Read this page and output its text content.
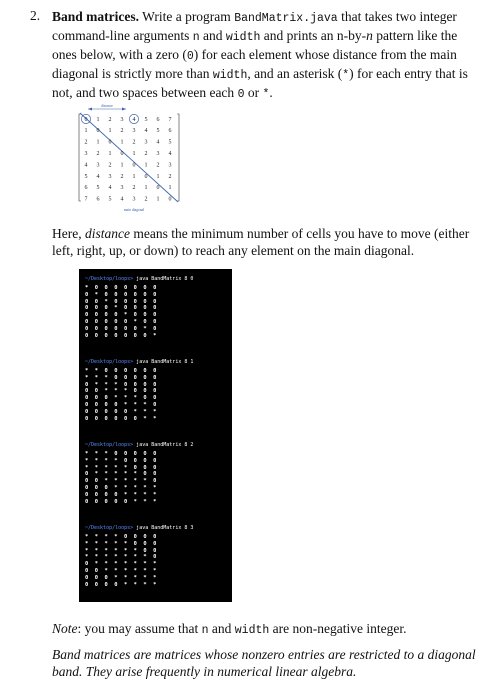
2. Band matrices. Write a program BandMatrix.java that takes two integer command-line arguments n and width and prints an n-by-n pattern like the ones below, with a zero (0) for each element whose distance from the main diagonal is strictly more than width, and an asterisk (*) for each entry that is not, and two spaces between each 0 or *.
distance
0 1 2 3 4 5 6 7
1 0 1 2 3 4 5 6
2 1 0 1 2 3 4 5
3 2 1 0 1 2 3 4
4 3 2 1 0 1 2 3
5 4 3 2 1 0 1 2
6 5 4 3 2 1 0 1
7 6 5 4 3 2 1 0
main diagonal
Here, distance means the minimum number of cells you have to move (either left, right, up, or down) to reach any element on the main diagonal.
~/Desktop/loops> java BandMatrix 8 0
*  0  0  0  0  0  0  0
0  *  0  0  0  0  0  0
0  0  *  0  0  0  0  0
0  0  0  *  0  0  0  0
0  0  0  0  *  0  0  0
0  0  0  0  0  *  0  0
0  0  0  0  0  0  *  0
0  0  0  0  0  0  0  *
~/Desktop/loops> java BandMatrix 8 1
*  *  0  0  0  0  0  0
*  *  *  0  0  0  0  0
0  *  *  *  0  0  0  0
0  0  *  *  *  0  0  0
0  0  0  *  *  *  0  0
0  0  0  0  *  *  *  0
0  0  0  0  0  *  *  *
0  0  0  0  0  0  *  *
~/Desktop/loops> java BandMatrix 8 2
*  *  *  0  0  0  0  0
*  *  *  *  0  0  0  0
*  *  *  *  *  0  0  0
0  *  *  *  *  *  0  0
0  0  *  *  *  *  *  0
0  0  0  *  *  *  *  *
0  0  0  0  *  *  *  *
0  0  0  0  0  *  *  *
~/Desktop/loops> java BandMatrix 8 3
*  *  *  *  0  0  0  0
*  *  *  *  *  0  0  0
*  *  *  *  *  *  0  0
*  *  *  *  *  *  *  0
0  *  *  *  *  *  *  *
0  0  *  *  *  *  *  *
0  0  0  *  *  *  *  *
0  0  0  0  *  *  *  *
Note: you may assume that n and width are non-negative integer.
Band matrices are matrices whose nonzero entries are restricted to a diagonal band. They arise frequently in numerical linear algebra.
